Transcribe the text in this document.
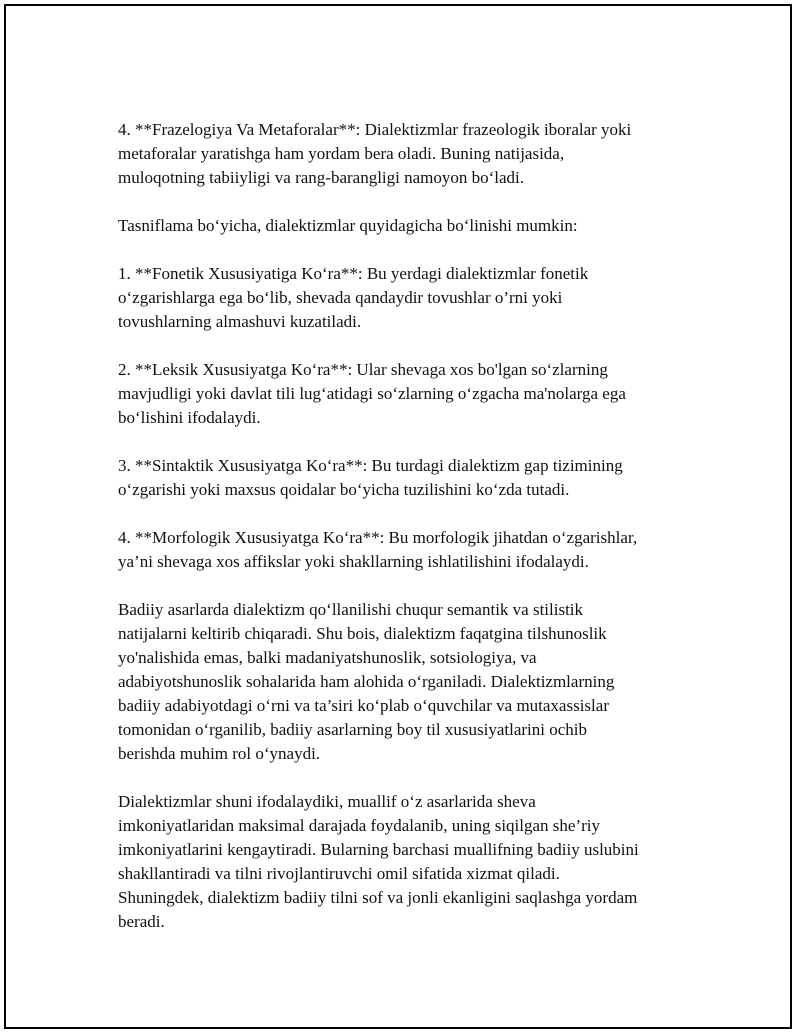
4. **Frazelogiya Va Metaforalar**: Dialektizmlar frazeologik iboralar yoki
metaforalar yaratishga ham yordam bera oladi. Buning natijasida,
muloqotning tabiiyligi va rang-barangligi namoyon bo‘ladi.
Tasniflama bo‘yicha, dialektizmlar quyidagicha bo‘linishi mumkin:
1. **Fonetik Xususiyatiga Ko‘ra**: Bu yerdagi dialektizmlar fonetik
o‘zgarishlarga ega bo‘lib, shevada qandaydir tovushlar o’rni yoki
tovushlarning almashuvi kuzatiladi.
2. **Leksik Xususiyatga Ko‘ra**: Ular shevaga xos bo'lgan so‘zlarning
mavjudligi yoki davlat tili lug‘atidagi so‘zlarning o‘zgacha ma'nolarga ega
bo‘lishini ifodalaydi.
3. **Sintaktik Xususiyatga Ko‘ra**: Bu turdagi dialektizm gap tizimining
o‘zgarishi yoki maxsus qoidalar bo‘yicha tuzilishini ko‘zda tutadi.
4. **Morfologik Xususiyatga Ko‘ra**: Bu morfologik jihatdan o‘zgarishlar,
ya’ni shevaga xos affikslar yoki shakllarning ishlatilishini ifodalaydi.
Badiiy asarlarda dialektizm qo‘llanilishi chuqur semantik va stilistik
natijalarni keltirib chiqaradi. Shu bois, dialektizm faqatgina tilshunoslik
yo'nalishida emas, balki madaniyatshunoslik, sotsiologiya, va
adabiyotshunoslik sohalarida ham alohida o‘rganiladi. Dialektizmlarning
badiiy adabiyotdagi o‘rni va ta’siri ko‘plab o‘quvchilar va mutaxassislar
tomonidan o‘rganilib, badiiy asarlarning boy til xususiyatlarini ochib
berishda muhim rol o‘ynaydi.
Dialektizmlar shuni ifodalaydiki, muallif o‘z asarlarida sheva
imkoniyatlaridan maksimal darajada foydalanib, uning siqilgan she’riy
imkoniyatlarini kengaytiradi. Bularning barchasi muallifning badiiy uslubini
shakllantiradi va tilni rivojlantiruvchi omil sifatida xizmat qiladi.
Shuningdek, dialektizm badiiy tilni sof va jonli ekanligini saqlashga yordam
beradi.
